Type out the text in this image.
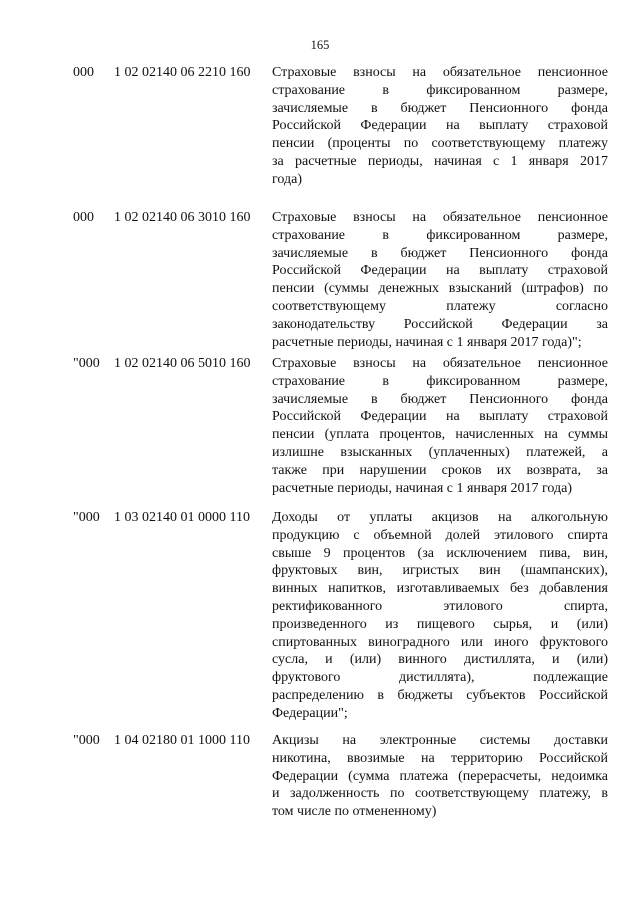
165
000	1 02 02140 06 2210 160	Страховые взносы на обязательное пенсионное
страхование в фиксированном размере,
зачисляемые в бюджет Пенсионного фонда
Российской Федерации на выплату страховой
пенсии (проценты по соответствующему платежу
за расчетные периоды, начиная с 1 января 2017
года)
000	1 02 02140 06 3010 160	Страховые взносы на обязательное пенсионное
страхование в фиксированном размере,
зачисляемые в бюджет Пенсионного фонда
Российской Федерации на выплату страховой
пенсии (суммы денежных взысканий (штрафов) по
соответствующему платежу согласно
законодательству Российской Федерации за
расчетные периоды, начиная с 1 января 2017 года)";
"000	1 02 02140 06 5010 160	Страховые взносы на обязательное пенсионное
страхование в фиксированном размере,
зачисляемые в бюджет Пенсионного фонда
Российской Федерации на выплату страховой
пенсии (уплата процентов, начисленных на суммы
излишне взысканных (уплаченных) платежей, а
также при нарушении сроков их возврата, за
расчетные периоды, начиная с 1 января 2017 года)
"000	1 03 02140 01 0000 110	Доходы от уплаты акцизов на алкогольную
продукцию с объемной долей этилового спирта
свыше 9 процентов (за исключением пива, вин,
фруктовых вин, игристых вин (шампанских),
винных напитков, изготавливаемых без добавления
ректификованного этилового спирта,
произведенного из пищевого сырья, и (или)
спиртованных виноградного или иного фруктового
сусла, и (или) винного дистиллята, и (или)
фруктового дистиллята), подлежащие
распределению в бюджеты субъектов Российской
Федерации";
"000	1 04 02180 01 1000 110	Акцизы на электронные системы доставки
никотина, ввозимые на территорию Российской
Федерации (сумма платежа (перерасчеты, недоимка
и задолженность по соответствующему платежу, в
том числе по отмененному)
